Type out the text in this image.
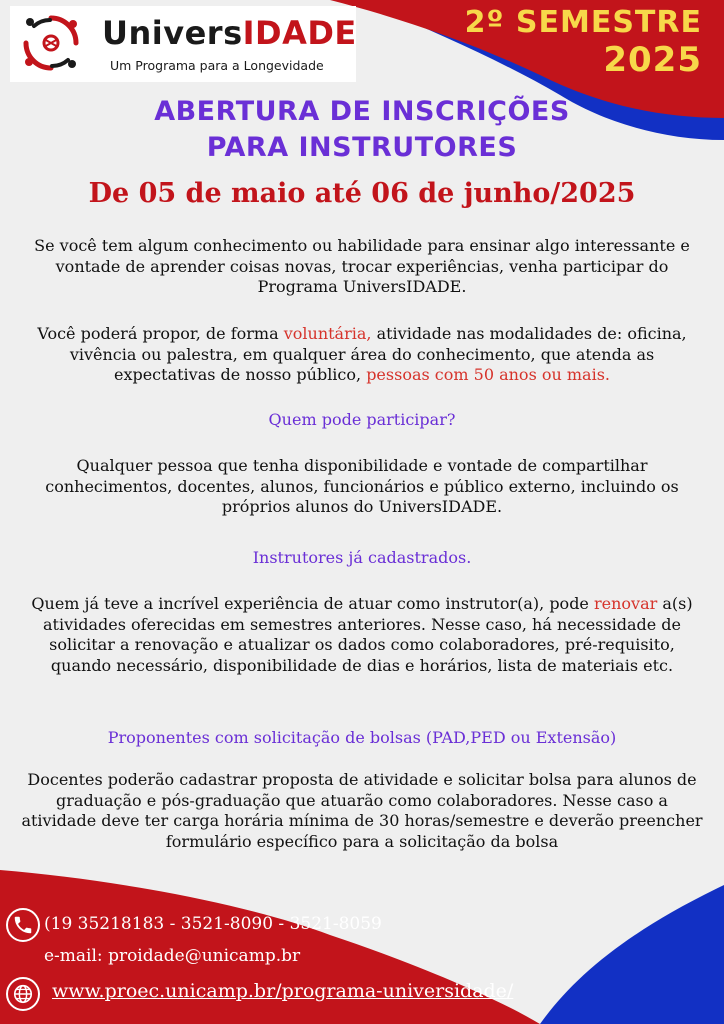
UniversIDADE
Um Programa para a Longevidade
2º SEMESTRE
2025
ABERTURA DE INSCRIÇÕES
PARA INSTRUTORES
De 05 de maio até 06 de junho/2025
Se você tem algum conhecimento ou habilidade para ensinar algo interessante e vontade de aprender coisas novas, trocar experiências, venha participar do Programa UniversIDADE.
Você poderá propor, de forma voluntária, atividade nas modalidades de: oficina, vivência ou palestra, em qualquer área do conhecimento, que atenda as expectativas de nosso público, pessoas com 50 anos ou mais.
Quem pode participar?
Qualquer pessoa que tenha disponibilidade e vontade de compartilhar conhecimentos, docentes, alunos, funcionários e público externo, incluindo os próprios alunos do UniversIDADE.
Instrutores já cadastrados.
Quem já teve a incrível experiência de atuar como instrutor(a), pode renovar a(s) atividades oferecidas em semestres anteriores. Nesse caso, há necessidade de solicitar a renovação e atualizar os dados como colaboradores, pré-requisito, quando necessário, disponibilidade de dias e horários, lista de materiais etc.
Proponentes com solicitação de bolsas (PAD,PED ou Extensão)
Docentes poderão cadastrar proposta de atividade e solicitar bolsa para alunos de graduação e pós-graduação que atuarão como colaboradores. Nesse caso a atividade deve ter carga horária mínima de 30 horas/semestre e deverão preencher formulário específico para a solicitação da bolsa
(19 35218183 - 3521-8090 - 3521-8059
e-mail: proidade@unicamp.br
www.proec.unicamp.br/programa-universidade/
